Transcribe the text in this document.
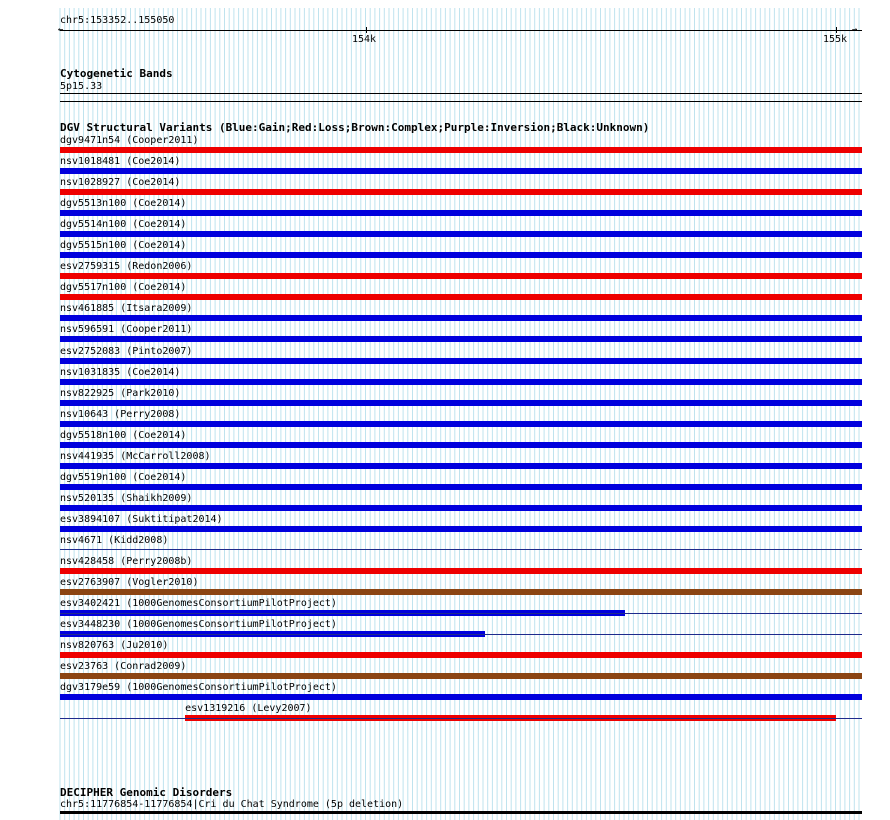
chr5:153352..155050
←	→
154k	155k
Cytogenetic Bands
5p15.33
DGV Structural Variants (Blue:Gain;Red:Loss;Brown:Complex;Purple:Inversion;Black:Unknown)
dgv9471n54 (Cooper2011)
nsv1018481 (Coe2014)
nsv1028927 (Coe2014)
dgv5513n100 (Coe2014)
dgv5514n100 (Coe2014)
dgv5515n100 (Coe2014)
esv2759315 (Redon2006)
dgv5517n100 (Coe2014)
nsv461885 (Itsara2009)
nsv596591 (Cooper2011)
esv2752083 (Pinto2007)
nsv1031835 (Coe2014)
nsv822925 (Park2010)
nsv10643 (Perry2008)
dgv5518n100 (Coe2014)
nsv441935 (McCarroll2008)
dgv5519n100 (Coe2014)
nsv520135 (Shaikh2009)
esv3894107 (Suktitipat2014)
nsv4671 (Kidd2008)
nsv428458 (Perry2008b)
esv2763907 (Vogler2010)
esv3402421 (1000GenomesConsortiumPilotProject)
esv3448230 (1000GenomesConsortiumPilotProject)
nsv820763 (Ju2010)
esv23763 (Conrad2009)
dgv3179e59 (1000GenomesConsortiumPilotProject)
esv1319216 (Levy2007)
DECIPHER Genomic Disorders
chr5:11776854-11776854|Cri du Chat Syndrome (5p deletion)
